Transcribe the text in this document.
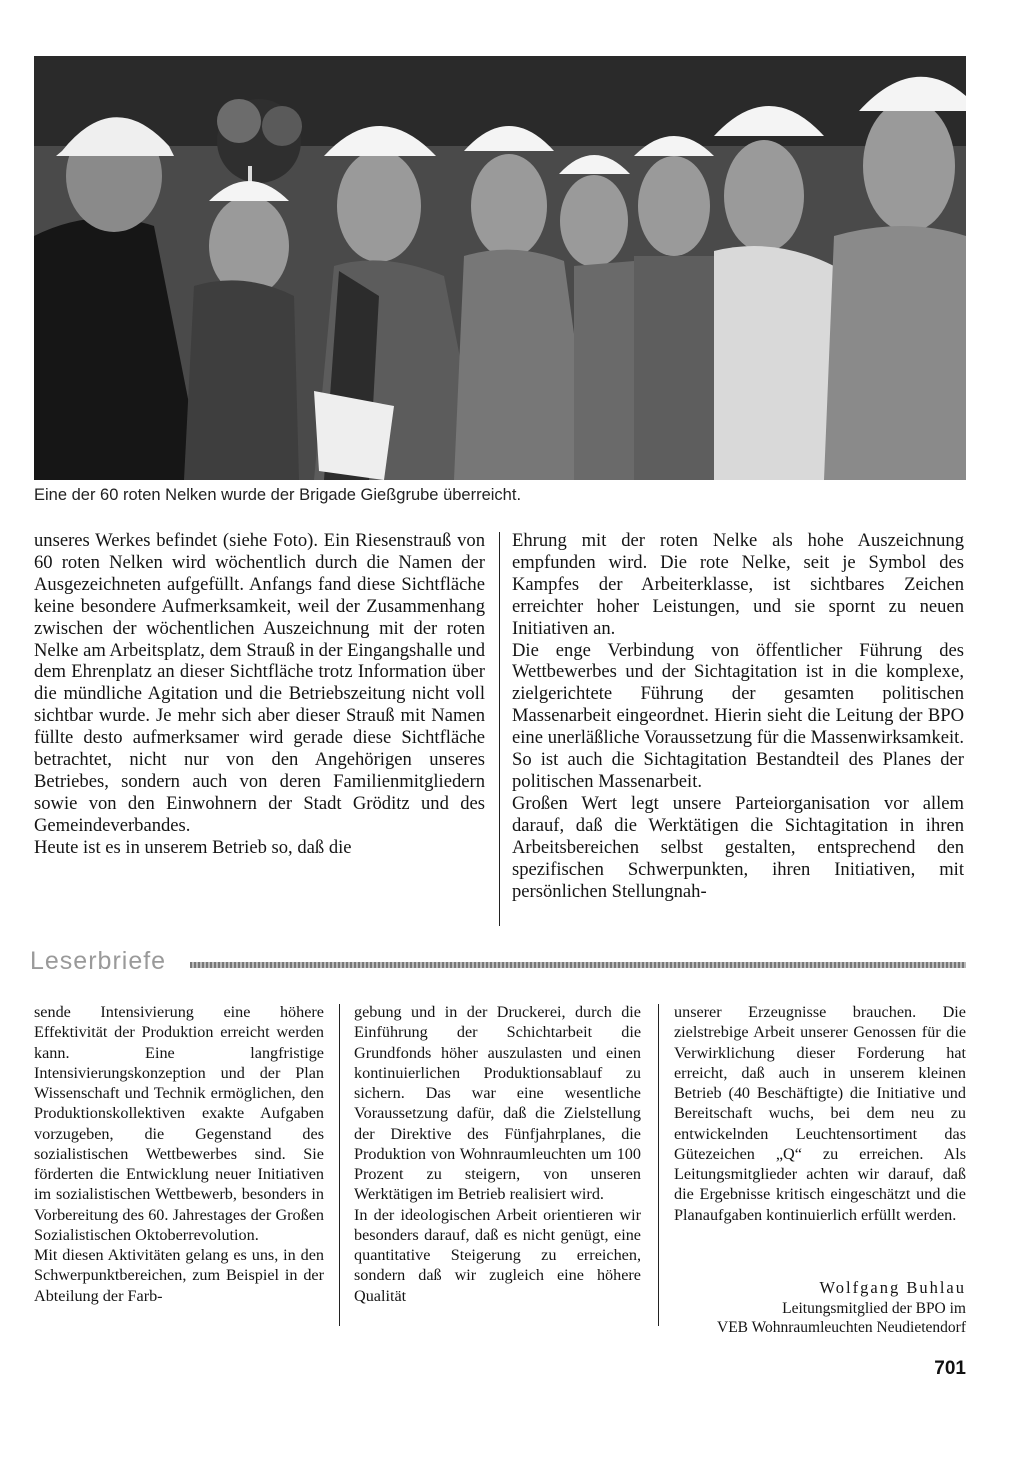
Eine der 60 roten Nelken wurde der Brigade Gießgrube überreicht.

unseres Werkes befindet (siehe Foto). Ein Riesenstrauß von 60 roten Nelken wird wöchentlich durch die Namen der Ausgezeichneten aufgefüllt. Anfangs fand diese Sichtfläche keine besondere Aufmerksamkeit, weil der Zusammenhang zwischen der wöchentlichen Auszeichnung mit der roten Nelke am Arbeitsplatz, dem Strauß in der Eingangshalle und dem Ehrenplatz an dieser Sichtfläche trotz Information über die mündliche Agitation und die Betriebszeitung nicht voll sichtbar wurde. Je mehr sich aber dieser Strauß mit Namen füllte desto aufmerksamer wird gerade diese Sichtfläche betrachtet, nicht nur von den Angehörigen unseres Betriebes, sondern auch von deren Familienmitgliedern sowie von den Einwohnern der Stadt Gröditz und des Gemeindeverbandes.

Heute ist es in unserem Betrieb so, daß die

Ehrung mit der roten Nelke als hohe Auszeichnung empfunden wird. Die rote Nelke, seit je Symbol des Kampfes der Arbeiterklasse, ist sichtbares Zeichen erreichter hoher Leistungen, und sie spornt zu neuen Initiativen an.

Die enge Verbindung von öffentlicher Führung des Wettbewerbes und der Sichtagitation ist in die komplexe, zielgerichtete Führung der gesamten politischen Massenarbeit eingeordnet. Hierin sieht die Leitung der BPO eine unerläßliche Voraussetzung für die Massenwirksamkeit. So ist auch die Sichtagitation Bestandteil des Planes der politischen Massenarbeit.

Großen Wert legt unsere Parteiorganisation vor allem darauf, daß die Werktätigen die Sichtagitation in ihren Arbeitsbereichen selbst gestalten, entsprechend den spezifischen Schwerpunkten, ihren Initiativen, mit persönlichen Stellungnah-

Leserbriefe

sende Intensivierung eine höhere Effektivität der Produktion erreicht werden kann. Eine langfristige Intensivierungskonzeption und der Plan Wissenschaft und Technik ermöglichen, den Produktionskollektiven exakte Aufgaben vorzugeben, die Gegenstand des sozialistischen Wettbewerbes sind. Sie förderten die Entwicklung neuer Initiativen im sozialistischen Wettbewerb, besonders in Vorbereitung des 60. Jahrestages der Großen Sozialistischen Oktoberrevolution.

Mit diesen Aktivitäten gelang es uns, in den Schwerpunktbereichen, zum Beispiel in der Abteilung der Farb-

gebung und in der Druckerei, durch die Einführung der Schichtarbeit die Grundfonds höher auszulasten und einen kontinuierlichen Produktionsablauf zu sichern. Das war eine wesentliche Voraussetzung dafür, daß die Zielstellung der Direktive des Fünfjahrplanes, die Produktion von Wohnraumleuchten um 100 Prozent zu steigern, von unseren Werktätigen im Betrieb realisiert wird.

In der ideologischen Arbeit orientieren wir besonders darauf, daß es nicht genügt, eine quantitative Steigerung zu erreichen, sondern daß wir zugleich eine höhere Qualität

unserer Erzeugnisse brauchen. Die zielstrebige Arbeit unserer Genossen für die Verwirklichung dieser Forderung hat erreicht, daß auch in unserem kleinen Betrieb (40 Beschäftigte) die Initiative und Bereitschaft wuchs, bei dem neu zu entwickelnden Leuchtensortiment das Gütezeichen „Q“ zu erreichen. Als Leitungsmitglieder achten wir darauf, daß die Ergebnisse kritisch eingeschätzt und die Planaufgaben kontinuierlich erfüllt werden.

Wolfgang Buhlau
Leitungsmitglied der BPO im
VEB Wohnraumleuchten Neudietendorf
701
